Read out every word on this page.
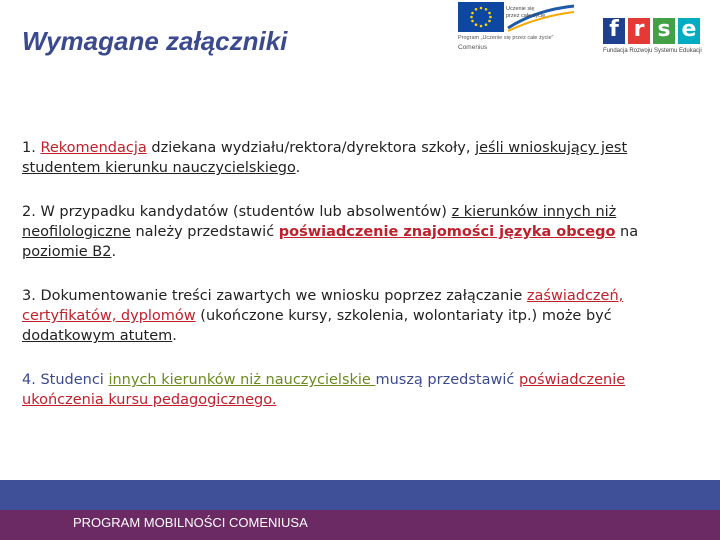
Wymagane załączniki
Uczenie się
przez całe życie
Program „Uczenie się przez całe życie”
Comenius
f r s e
Fundacja Rozwoju Systemu Edukacji

1. Rekomendacja dziekana wydziału/rektora/dyrektora szkoły, jeśli wnioskujący jest studentem kierunku nauczycielskiego.

2. W przypadku kandydatów (studentów lub absolwentów) z kierunków innych niż neofilologiczne należy przedstawić poświadczenie znajomości języka obcego na poziomie B2.

3. Dokumentowanie treści zawartych we wniosku poprzez załączanie zaświadczeń, certyfikatów, dyplomów (ukończone kursy, szkolenia, wolontariaty itp.) może być dodatkowym atutem.

4. Studenci innych kierunków niż nauczycielskie muszą przedstawić poświadczenie ukończenia kursu pedagogicznego.

PROGRAM MOBILNOŚCI COMENIUSA
